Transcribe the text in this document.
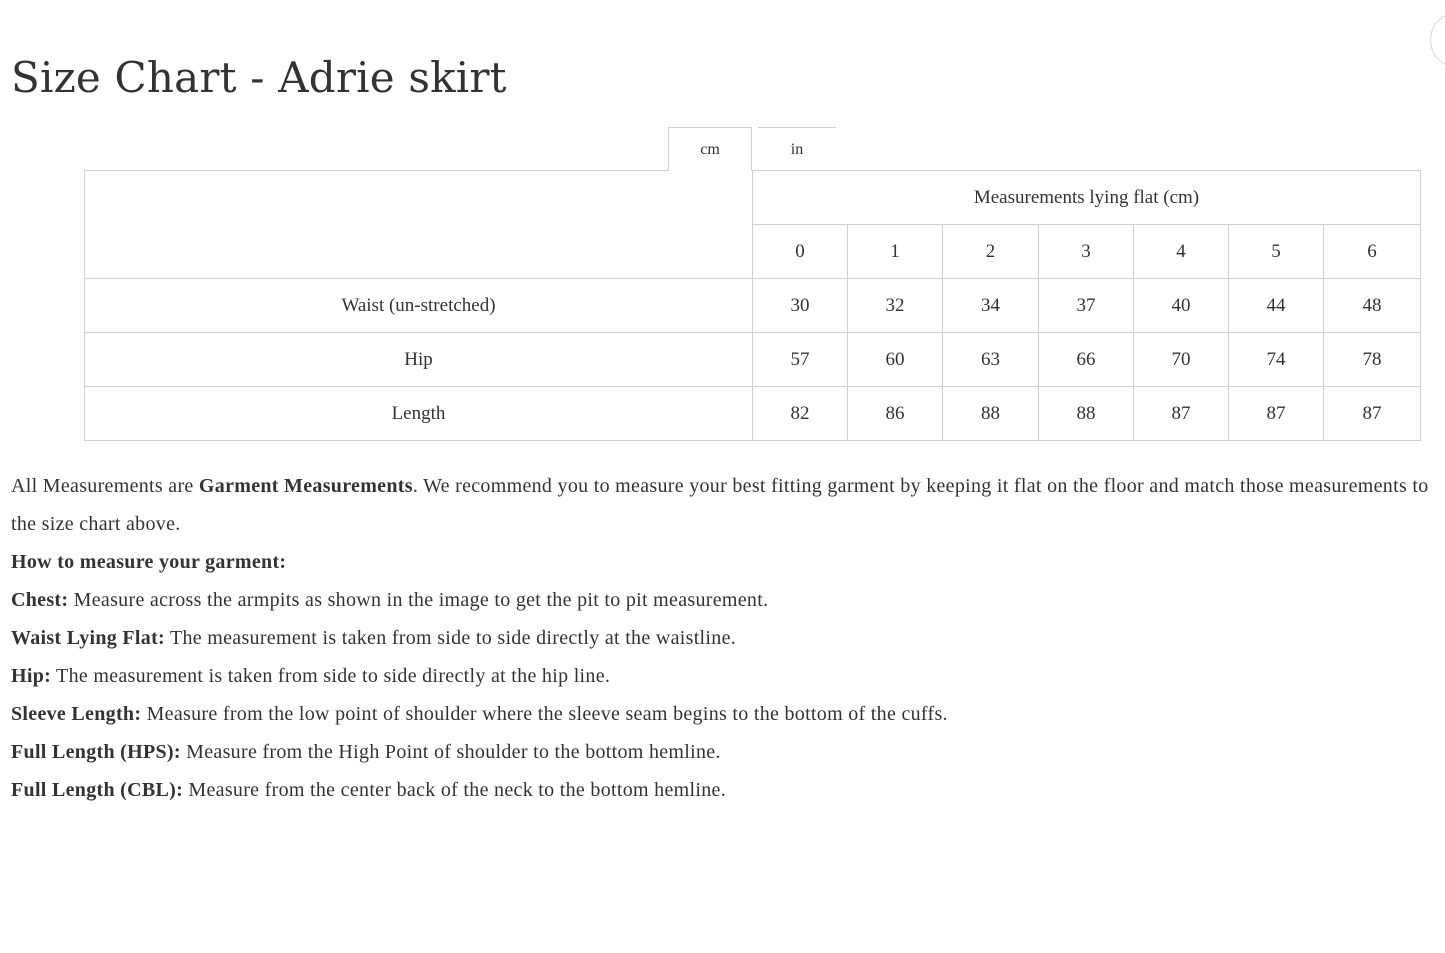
Size Chart - Adrie skirt
cm	in
	Measurements lying flat (cm)						
	0	1	2	3	4	5	6
Waist (un-stretched)	30	32	34	37	40	44	48
Hip	57	60	63	66	70	74	78
Length	82	86	88	88	87	87	87

All Measurements are Garment Measurements. We recommend you to measure your best fitting garment by keeping it flat on the floor and match those measurements to the size chart above.

How to measure your garment:

Chest: Measure across the armpits as shown in the image to get the pit to pit measurement.

Waist Lying Flat: The measurement is taken from side to side directly at the waistline.

Hip: The measurement is taken from side to side directly at the hip line.

Sleeve Length: Measure from the low point of shoulder where the sleeve seam begins to the bottom of the cuffs.

Full Length (HPS): Measure from the High Point of shoulder to the bottom hemline.

Full Length (CBL): Measure from the center back of the neck to the bottom hemline.
